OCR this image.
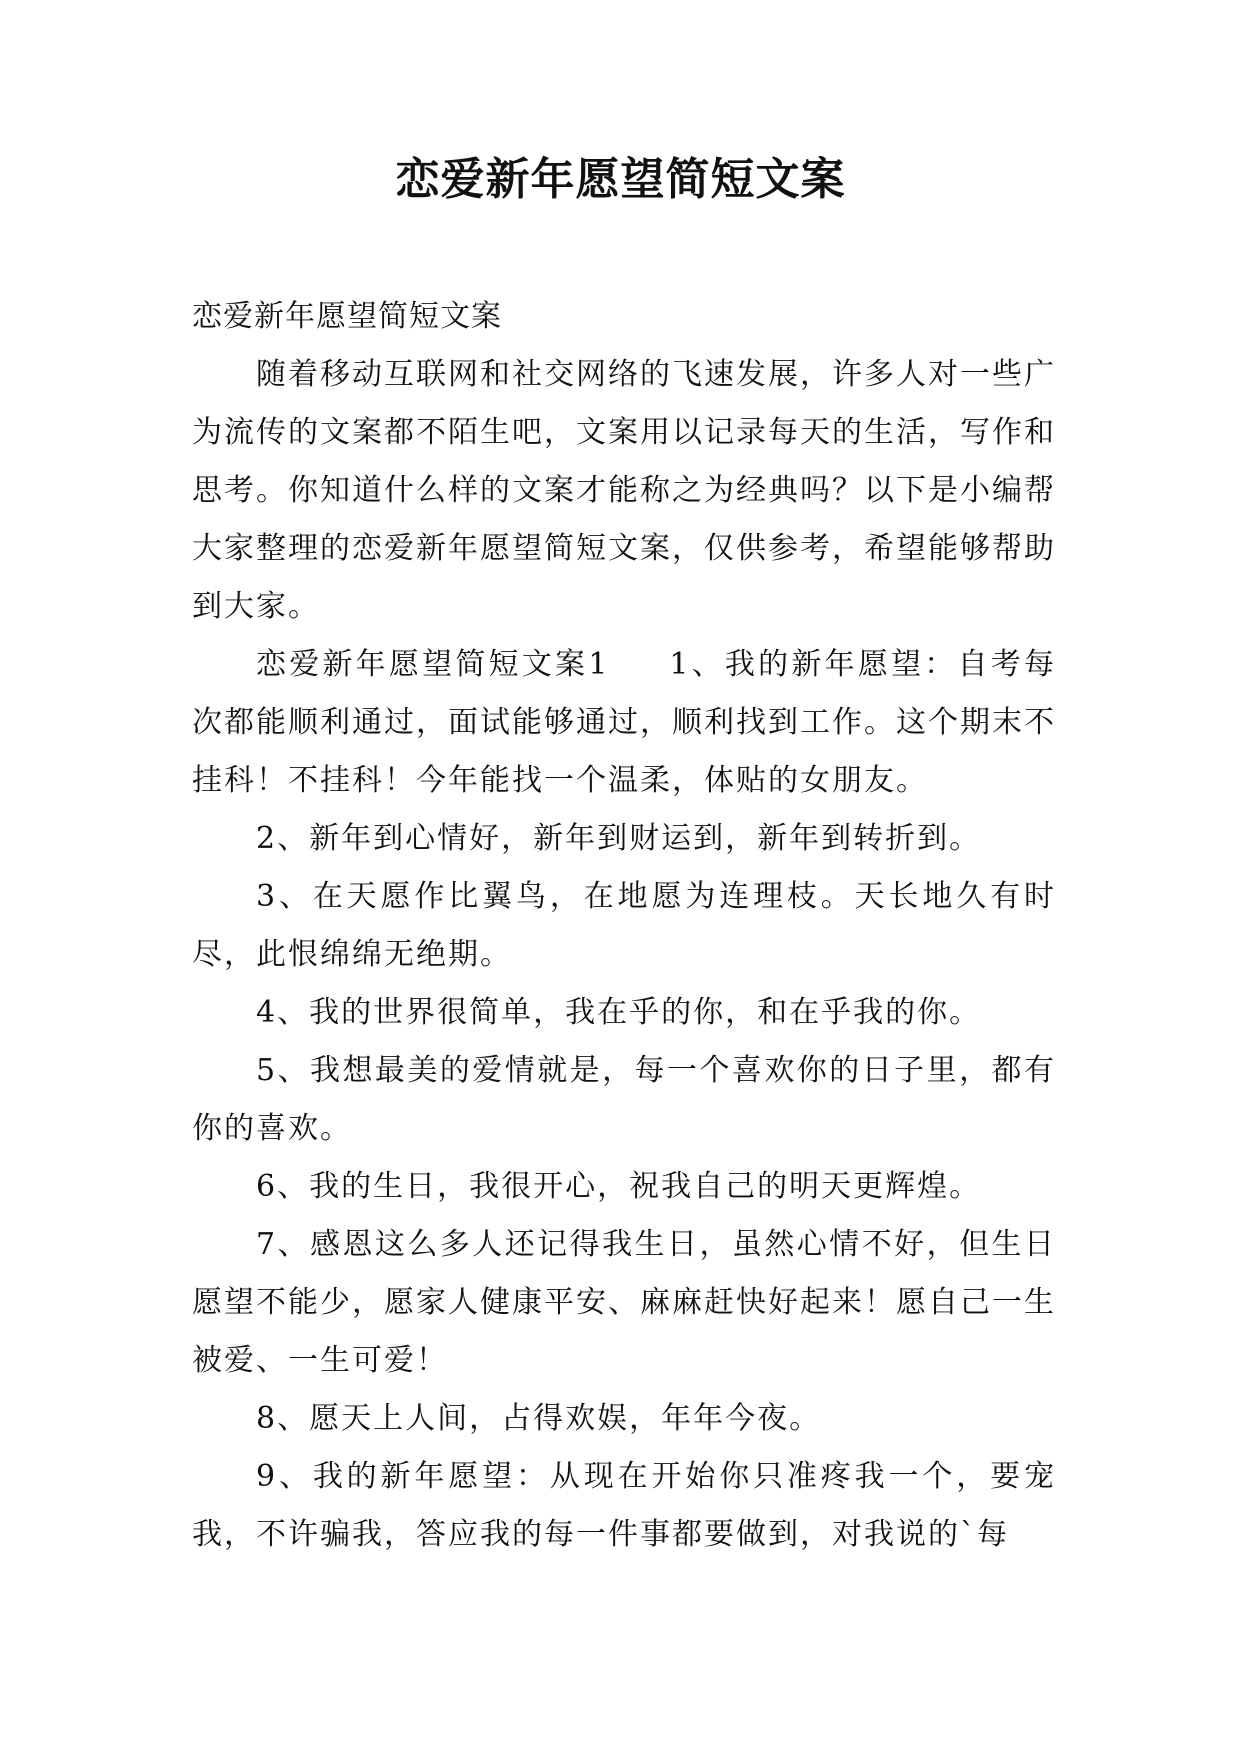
恋爱新年愿望简短文案

恋爱新年愿望简短文案

随着移动互联网和社交网络的飞速发展，许多人对一些广为流传的文案都不陌生吧，文案用以记录每天的生活，写作和思考。你知道什么样的文案才能称之为经典吗？以下是小编帮大家整理的恋爱新年愿望简短文案，仅供参考，希望能够帮助到大家。

恋爱新年愿望简短文案1 1、我的新年愿望：自考每次都能顺利通过，面试能够通过，顺利找到工作。这个期末不挂科！不挂科！今年能找一个温柔，体贴的女朋友。

2、新年到心情好，新年到财运到，新年到转折到。

3、在天愿作比翼鸟，在地愿为连理枝。天长地久有时尽，此恨绵绵无绝期。

4、我的世界很简单，我在乎的你，和在乎我的你。

5、我想最美的爱情就是，每一个喜欢你的日子里，都有你的喜欢。

6、我的生日，我很开心，祝我自己的明天更辉煌。

7、感恩这么多人还记得我生日，虽然心情不好，但生日愿望不能少，愿家人健康平安、麻麻赶快好起来！愿自己一生被爱、一生可爱！

8、愿天上人间，占得欢娱，年年今夜。

9、我的新年愿望：从现在开始你只准疼我一个，要宠我，不许骗我，答应我的每一件事都要做到，对我说的`每
